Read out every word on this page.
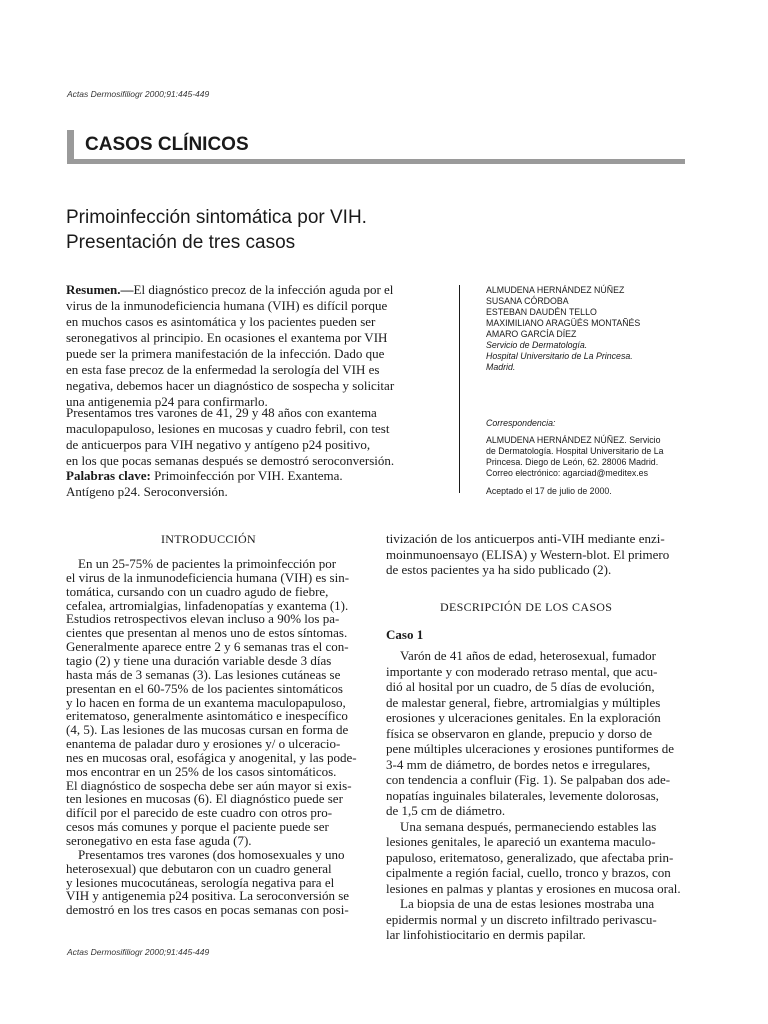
Actas Dermosifiliogr 2000;91:445-449
CASOS CLÍNICOS
Primoinfección sintomática por VIH.
Presentación de tres casos
Resumen.—El diagnóstico precoz de la infección aguda por el
virus de la inmunodeficiencia humana (VIH) es difícil porque
en muchos casos es asintomática y los pacientes pueden ser
seronegativos al principio. En ocasiones el exantema por VIH
puede ser la primera manifestación de la infección. Dado que
en esta fase precoz de la enfermedad la serología del VIH es
negativa, debemos hacer un diagnóstico de sospecha y solicitar
una antigenemia p24 para confirmarlo.
Presentamos tres varones de 41, 29 y 48 años con exantema
maculopapuloso, lesiones en mucosas y cuadro febril, con test
de anticuerpos para VIH negativo y antígeno p24 positivo,
en los que pocas semanas después se demostró seroconversión.
Palabras clave: Primoinfección por VIH. Exantema.
Antígeno p24. Seroconversión.
ALMUDENA HERNÁNDEZ NÚÑEZ
SUSANA CÓRDOBA
ESTEBAN DAUDÉN TELLO
MAXIMILIANO ARAGÜÉS MONTAÑÉS
AMARO GARCÍA DÍEZ
Servicio de Dermatología.
Hospital Universitario de La Princesa.
Madrid.
Correspondencia:
ALMUDENA HERNÁNDEZ NÚÑEZ. Servicio
de Dermatología. Hospital Universitario de La
Princesa. Diego de León, 62. 28006 Madrid.
Correo electrónico: agarciad@meditex.es
Aceptado el 17 de julio de 2000.
INTRODUCCIÓN
En un 25-75% de pacientes la primoinfección por
el virus de la inmunodeficiencia humana (VIH) es sin-
tomática, cursando con un cuadro agudo de fiebre,
cefalea, artromialgias, linfadenopatías y exantema (1).
Estudios retrospectivos elevan incluso a 90% los pa-
cientes que presentan al menos uno de estos síntomas.
Generalmente aparece entre 2 y 6 semanas tras el con-
tagio (2) y tiene una duración variable desde 3 días
hasta más de 3 semanas (3). Las lesiones cutáneas se
presentan en el 60-75% de los pacientes sintomáticos
y lo hacen en forma de un exantema maculopapuloso,
eritematoso, generalmente asintomático e inespecífico
(4, 5). Las lesiones de las mucosas cursan en forma de
enantema de paladar duro y erosiones y/ o ulceracio-
nes en mucosas oral, esofágica y anogenital, y las pode-
mos encontrar en un 25% de los casos sintomáticos.
El diagnóstico de sospecha debe ser aún mayor si exis-
ten lesiones en mucosas (6). El diagnóstico puede ser
difícil por el parecido de este cuadro con otros pro-
cesos más comunes y porque el paciente puede ser
seronegativo en esta fase aguda (7).
Presentamos tres varones (dos homosexuales y uno
heterosexual) que debutaron con un cuadro general
y lesiones mucocutáneas, serología negativa para el
VIH y antigenemia p24 positiva. La seroconversión se
demostró en los tres casos en pocas semanas con posi-
tivización de los anticuerpos anti-VIH mediante enzi-
moinmunoensayo (ELISA) y Western-blot. El primero
de estos pacientes ya ha sido publicado (2).
DESCRIPCIÓN DE LOS CASOS
Caso 1
Varón de 41 años de edad, heterosexual, fumador
importante y con moderado retraso mental, que acu-
dió al hosital por un cuadro, de 5 días de evolución,
de malestar general, fiebre, artromialgias y múltiples
erosiones y ulceraciones genitales. En la exploración
física se observaron en glande, prepucio y dorso de
pene múltiples ulceraciones y erosiones puntiformes de
3-4 mm de diámetro, de bordes netos e irregulares,
con tendencia a confluir (Fig. 1). Se palpaban dos ade-
nopatías inguinales bilaterales, levemente dolorosas,
de 1,5 cm de diámetro.
Una semana después, permaneciendo estables las
lesiones genitales, le apareció un exantema maculo-
papuloso, eritematoso, generalizado, que afectaba prin-
cipalmente a región facial, cuello, tronco y brazos, con
lesiones en palmas y plantas y erosiones en mucosa oral.
La biopsia de una de estas lesiones mostraba una
epidermis normal y un discreto infiltrado perivascu-
lar linfohistiocitario en dermis papilar.
Actas Dermosifiliogr 2000;91:445-449
